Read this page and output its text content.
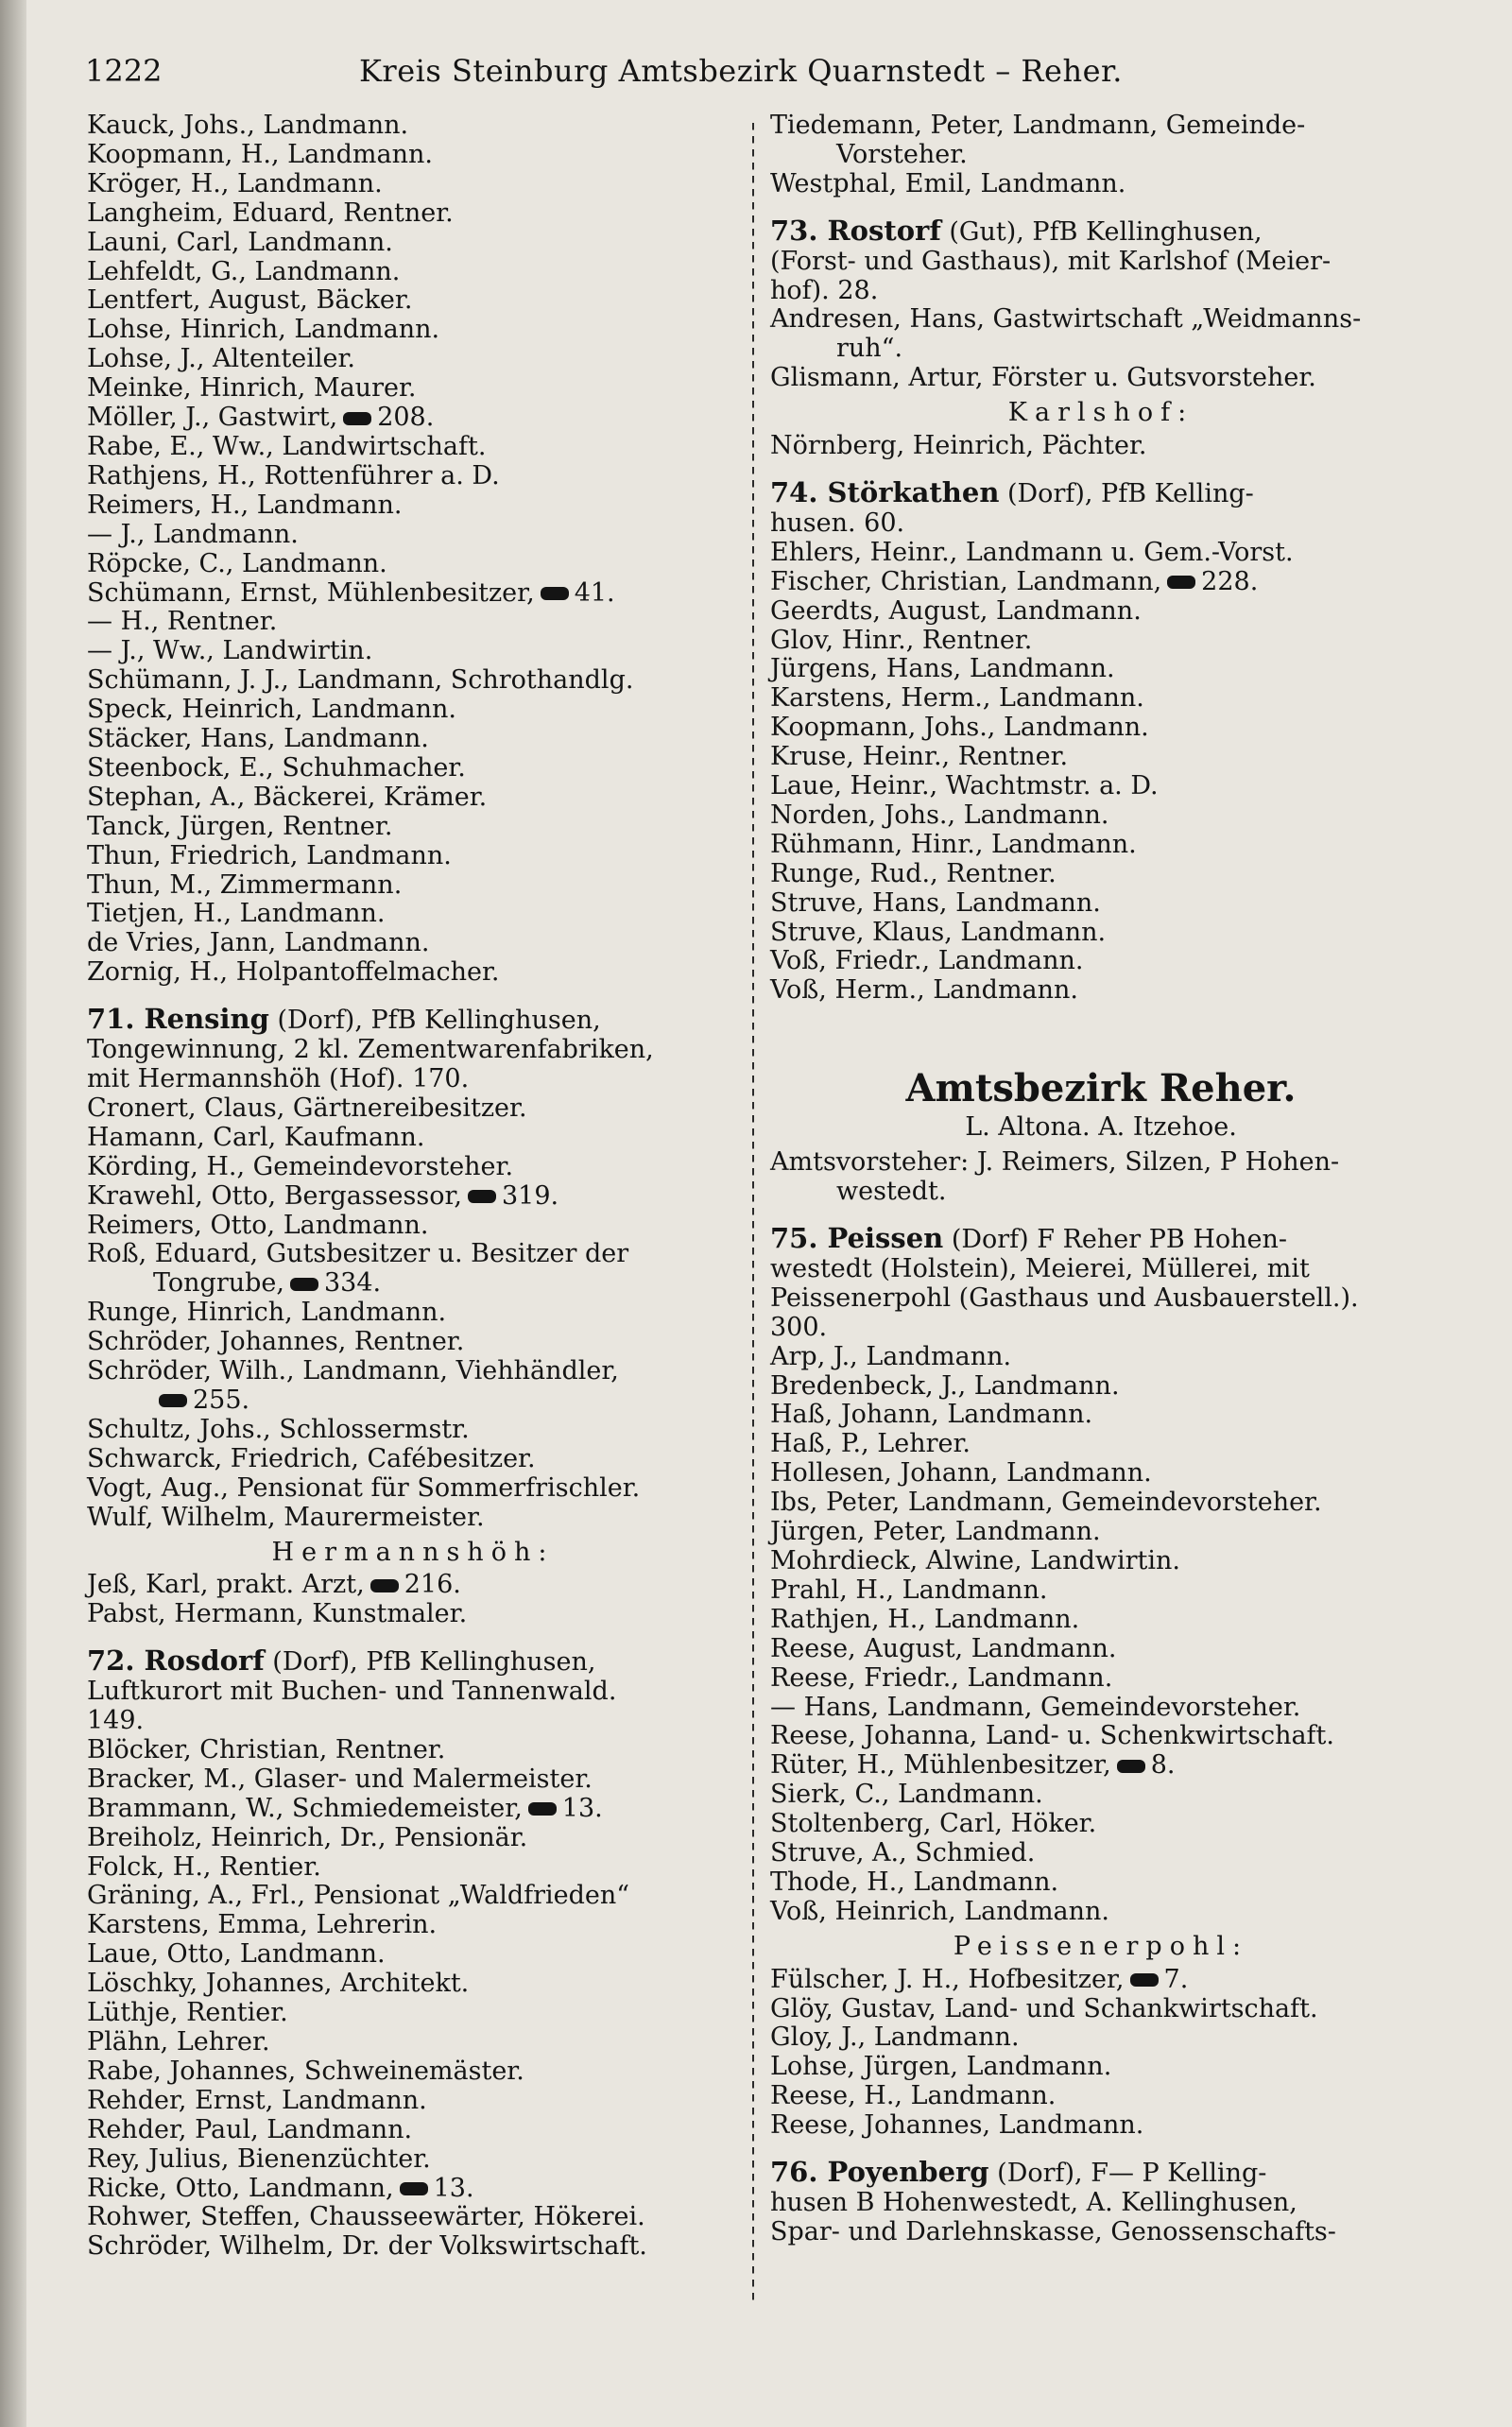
1222	Kreis Steinburg Amtsbezirk Quarnstedt – Reher.
Kauck, Johs., Landmann.
Koopmann, H., Landmann.
Kröger, H., Landmann.
Langheim, Eduard, Rentner.
Launi, Carl, Landmann.
Lehfeldt, G., Landmann.
Lentfert, August, Bäcker.
Lohse, Hinrich, Landmann.
Lohse, J., Altenteiler.
Meinke, Hinrich, Maurer.
Möller, J., Gastwirt, 208.
Rabe, E., Ww., Landwirtschaft.
Rathjens, H., Rottenführer a. D.
Reimers, H., Landmann.
— J., Landmann.
Röpcke, C., Landmann.
Schümann, Ernst, Mühlenbesitzer, 41.
— H., Rentner.
— J., Ww., Landwirtin.
Schümann, J. J., Landmann, Schrothandlg.
Speck, Heinrich, Landmann.
Stäcker, Hans, Landmann.
Steenbock, E., Schuhmacher.
Stephan, A., Bäckerei, Krämer.
Tanck, Jürgen, Rentner.
Thun, Friedrich, Landmann.
Thun, M., Zimmermann.
Tietjen, H., Landmann.
de Vries, Jann, Landmann.
Zornig, H., Holpantoffelmacher.
71. Rensing (Dorf), PfB Kellinghusen,
Tongewinnung, 2 kl. Zementwarenfabriken,
mit Hermannshöh (Hof). 170.
Cronert, Claus, Gärtnereibesitzer.
Hamann, Carl, Kaufmann.
Körding, H., Gemeindevorsteher.
Krawehl, Otto, Bergassessor, 319.
Reimers, Otto, Landmann.
Roß, Eduard, Gutsbesitzer u. Besitzer der
Tongrube, 334.
Runge, Hinrich, Landmann.
Schröder, Johannes, Rentner.
Schröder, Wilh., Landmann, Viehhändler,
255.
Schultz, Johs., Schlossermstr.
Schwarck, Friedrich, Cafébesitzer.
Vogt, Aug., Pensionat für Sommerfrischler.
Wulf, Wilhelm, Maurermeister.
Hermannshöh:
Jeß, Karl, prakt. Arzt, 216.
Pabst, Hermann, Kunstmaler.
72. Rosdorf (Dorf), PfB Kellinghusen,
Luftkurort mit Buchen- und Tannenwald.
149.
Blöcker, Christian, Rentner.
Bracker, M., Glaser- und Malermeister.
Brammann, W., Schmiedemeister, 13.
Breiholz, Heinrich, Dr., Pensionär.
Folck, H., Rentier.
Gräning, A., Frl., Pensionat „Waldfrieden“
Karstens, Emma, Lehrerin.
Laue, Otto, Landmann.
Löschky, Johannes, Architekt.
Lüthje, Rentier.
Plähn, Lehrer.
Rabe, Johannes, Schweinemäster.
Rehder, Ernst, Landmann.
Rehder, Paul, Landmann.
Rey, Julius, Bienenzüchter.
Ricke, Otto, Landmann, 13.
Rohwer, Steffen, Chausseewärter, Hökerei.
Schröder, Wilhelm, Dr. der Volkswirtschaft.
Tiedemann, Peter, Landmann, Gemeinde-
Vorsteher.
Westphal, Emil, Landmann.
73. Rostorf (Gut), PfB Kellinghusen,
(Forst- und Gasthaus), mit Karlshof (Meier-
hof). 28.
Andresen, Hans, Gastwirtschaft „Weidmanns-
ruh“.
Glismann, Artur, Förster u. Gutsvorsteher.
Karlshof:
Nörnberg, Heinrich, Pächter.
74. Störkathen (Dorf), PfB Kelling-
husen. 60.
Ehlers, Heinr., Landmann u. Gem.-Vorst.
Fischer, Christian, Landmann, 228.
Geerdts, August, Landmann.
Glov, Hinr., Rentner.
Jürgens, Hans, Landmann.
Karstens, Herm., Landmann.
Koopmann, Johs., Landmann.
Kruse, Heinr., Rentner.
Laue, Heinr., Wachtmstr. a. D.
Norden, Johs., Landmann.
Rühmann, Hinr., Landmann.
Runge, Rud., Rentner.
Struve, Hans, Landmann.
Struve, Klaus, Landmann.
Voß, Friedr., Landmann.
Voß, Herm., Landmann.
Amtsbezirk Reher.
L. Altona. A. Itzehoe.
Amtsvorsteher: J. Reimers, Silzen, P Hohen-
westedt.
75. Peissen (Dorf) F Reher PB Hohen-
westedt (Holstein), Meierei, Müllerei, mit
Peissenerpohl (Gasthaus und Ausbauerstell.).
300.
Arp, J., Landmann.
Bredenbeck, J., Landmann.
Haß, Johann, Landmann.
Haß, P., Lehrer.
Hollesen, Johann, Landmann.
Ibs, Peter, Landmann, Gemeindevorsteher.
Jürgen, Peter, Landmann.
Mohrdieck, Alwine, Landwirtin.
Prahl, H., Landmann.
Rathjen, H., Landmann.
Reese, August, Landmann.
Reese, Friedr., Landmann.
— Hans, Landmann, Gemeindevorsteher.
Reese, Johanna, Land- u. Schenkwirtschaft.
Rüter, H., Mühlenbesitzer, 8.
Sierk, C., Landmann.
Stoltenberg, Carl, Höker.
Struve, A., Schmied.
Thode, H., Landmann.
Voß, Heinrich, Landmann.
Peissenerpohl:
Fülscher, J. H., Hofbesitzer, 7.
Glöy, Gustav, Land- und Schankwirtschaft.
Gloy, J., Landmann.
Lohse, Jürgen, Landmann.
Reese, H., Landmann.
Reese, Johannes, Landmann.
76. Poyenberg (Dorf), F— P Kelling-
husen B Hohenwestedt, A. Kellinghusen,
Spar- und Darlehnskasse, Genossenschafts-
